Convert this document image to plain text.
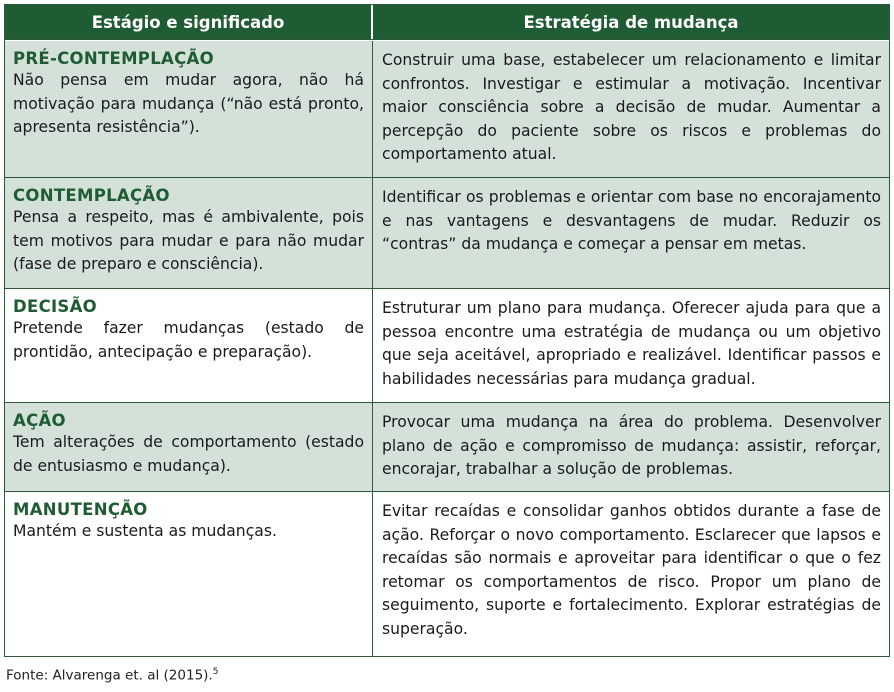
Estágio e significado	Estratégia de mudança
PRÉ-CONTEMPLAÇÃO
Não pensa em mudar agora, não há motivação para mudança (“não está pronto, apresenta resistência”).
Construir uma base, estabelecer um relacionamento e limitar confrontos. Investigar e estimular a motivação. Incentivar maior consciência sobre a decisão de mudar. Aumentar a percepção do paciente sobre os riscos e problemas do comportamento atual.
CONTEMPLAÇÃO
Pensa a respeito, mas é ambivalente, pois tem motivos para mudar e para não mudar (fase de preparo e consciência).
Identificar os problemas e orientar com base no encorajamento e nas vantagens e desvantagens de mudar. Reduzir os “contras” da mudança e começar a pensar em metas.
DECISÃO
Pretende fazer mudanças (estado de prontidão, antecipação e preparação).
Estruturar um plano para mudança. Oferecer ajuda para que a pessoa encontre uma estratégia de mudança ou um objetivo que seja aceitável, apropriado e realizável. Identificar passos e habilidades necessárias para mudança gradual.
AÇÃO
Tem alterações de comportamento (estado de entusiasmo e mudança).
Provocar uma mudança na área do problema. Desenvolver plano de ação e compromisso de mudança: assistir, reforçar, encorajar, trabalhar a solução de problemas.
MANUTENÇÃO
Mantém e sustenta as mudanças.
Evitar recaídas e consolidar ganhos obtidos durante a fase de ação. Reforçar o novo comportamento. Esclarecer que lapsos e recaídas são normais e aproveitar para identificar o que o fez retomar os comportamentos de risco. Propor um plano de seguimento, suporte e fortalecimento. Explorar estratégias de superação.
Fonte: Alvarenga et. al (2015).$^5$
